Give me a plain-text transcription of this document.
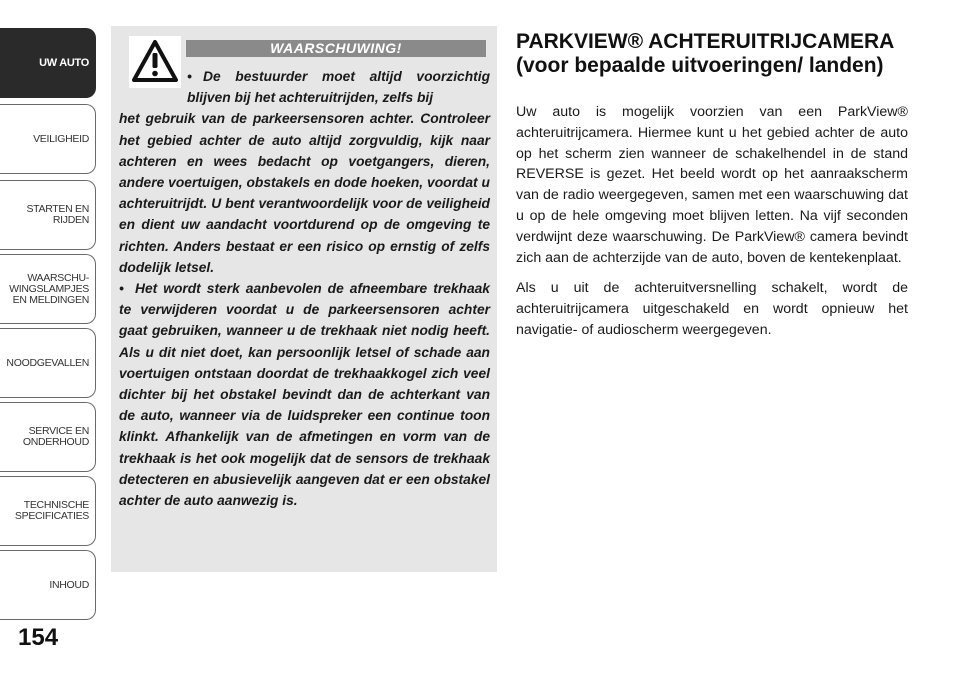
UW AUTO
VEILIGHEID
STARTEN EN
RIJDEN
WAARSCHU-
WINGSLAMPJES
EN MELDINGEN
NOODGEVALLEN
SERVICE EN
ONDERHOUD
TECHNISCHE
SPECIFICATIES
INHOUD
154
WAARSCHUWING!

• De bestuurder moet altijd voorzichtig blijven bij het achteruitrijden, zelfs bij

het gebruik van de parkeersensoren achter. Controleer het gebied achter de auto altijd zorgvuldig, kijk naar achteren en wees bedacht op voetgangers, dieren, andere voertuigen, obstakels en dode hoeken, voordat u achteruitrijdt. U bent verantwoordelijk voor de veiligheid en dient uw aandacht voortdurend op de omgeving te richten. Anders bestaat er een risico op ernstig of zelfs dodelijk letsel.

• Het wordt sterk aanbevolen de afneembare trekhaak te verwijderen voordat u de parkeersensoren achter gaat gebruiken, wanneer u de trekhaak niet nodig heeft. Als u dit niet doet, kan persoonlijk letsel of schade aan voertuigen ontstaan doordat de trekhaakkogel zich veel dichter bij het obstakel bevindt dan de achterkant van de auto, wanneer via de luidspreker een continue toon klinkt. Afhankelijk van de afmetingen en vorm van de trekhaak is het ook mogelijk dat de sensors de trekhaak detecteren en abusievelijk aangeven dat er een obstakel achter de auto aanwezig is.

PARKVIEW® ACHTERUITRIJCAMERA (voor bepaalde uitvoeringen/ landen)

Uw auto is mogelijk voorzien van een ParkView® achteruitrijcamera. Hiermee kunt u het gebied achter de auto op het scherm zien wanneer de schakelhendel in de stand REVERSE is gezet. Het beeld wordt op het aanraakscherm van de radio weergegeven, samen met een waarschuwing dat u op de hele omgeving moet blijven letten. Na vijf seconden verdwijnt deze waarschuwing. De ParkView® camera bevindt zich aan de achterzijde van de auto, boven de kentekenplaat.

Als u uit de achteruitversnelling schakelt, wordt de achteruitrijcamera uitgeschakeld en wordt opnieuw het navigatie- of audioscherm weergegeven.
